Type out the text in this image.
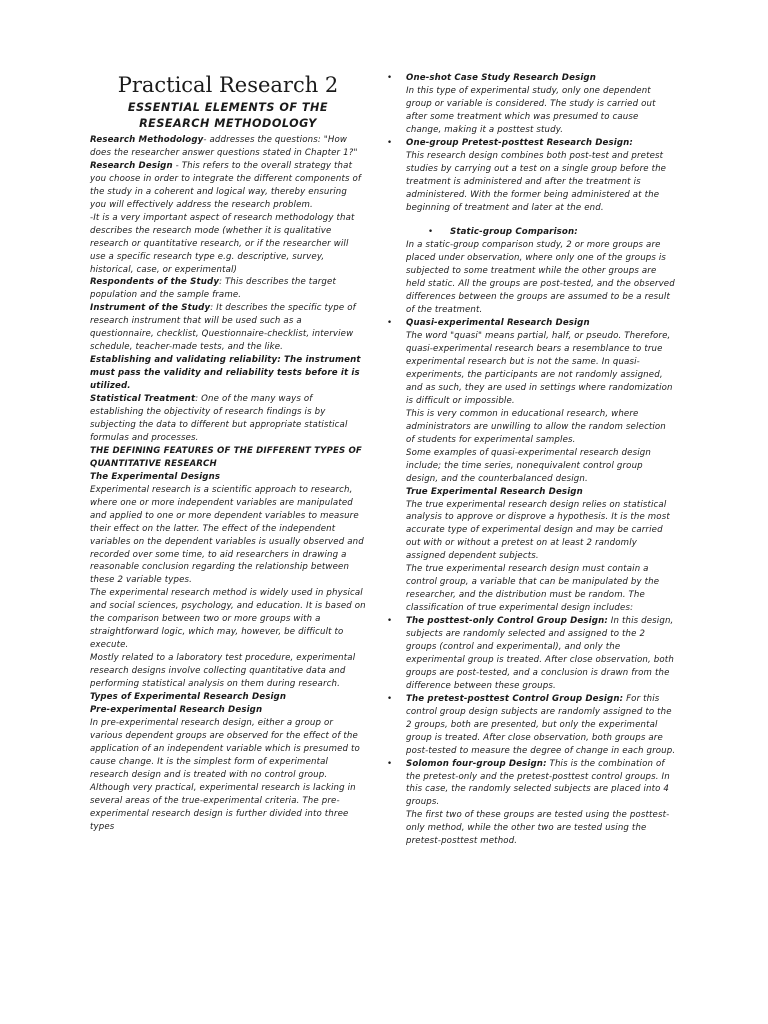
Practical Research 2
ESSENTIAL ELEMENTS OF THE
RESEARCH METHODOLOGY

Research Methodology- addresses the questions: "How does the researcher answer questions stated in Chapter 1?"

Research Design - This refers to the overall strategy that you choose in order to integrate the different components of the study in a coherent and logical way, thereby ensuring you will effectively address the research problem.

-It is a very important aspect of research methodology that describes the research mode (whether it is qualitative research or quantitative research, or if the researcher will use a specific research type e.g. descriptive, survey, historical, case, or experimental)

Respondents of the Study: This describes the target population and the sample frame.

Instrument of the Study: It describes the specific type of research instrument that will be used such as a questionnaire, checklist, Questionnaire-checklist, interview schedule, teacher-made tests, and the like.

Establishing and validating reliability: The instrument must pass the validity and reliability tests before it is utilized.

Statistical Treatment: One of the many ways of establishing the objectivity of research findings is by subjecting the data to different but appropriate statistical formulas and processes.

THE DEFINING FEATURES OF THE DIFFERENT TYPES OF QUANTITATIVE RESEARCH

The Experimental Designs

Experimental research is a scientific approach to research, where one or more independent variables are manipulated and applied to one or more dependent variables to measure their effect on the latter. The effect of the independent variables on the dependent variables is usually observed and recorded over some time, to aid researchers in drawing a reasonable conclusion regarding the relationship between these 2 variable types.

The experimental research method is widely used in physical and social sciences, psychology, and education. It is based on the comparison between two or more groups with a straightforward logic, which may, however, be difficult to execute.

Mostly related to a laboratory test procedure, experimental research designs involve collecting quantitative data and performing statistical analysis on them during research.

Types of Experimental Research Design

Pre-experimental Research Design

In pre-experimental research design, either a group or various dependent groups are observed for the effect of the application of an independent variable which is presumed to cause change. It is the simplest form of experimental research design and is treated with no control group.

Although very practical, experimental research is lacking in several areas of the true-experimental criteria. The pre-experimental research design is further divided into three types

• One-shot Case Study Research Design

In this type of experimental study, only one dependent group or variable is considered. The study is carried out after some treatment which was presumed to cause change, making it a posttest study.

• One-group Pretest-posttest Research Design:

This research design combines both post-test and pretest studies by carrying out a test on a single group before the treatment is administered and after the treatment is administered. With the former being administered at the beginning of treatment and later at the end.

• Static-group Comparison:

In a static-group comparison study, 2 or more groups are placed under observation, where only one of the groups is subjected to some treatment while the other groups are held static. All the groups are post-tested, and the observed differences between the groups are assumed to be a result of the treatment.

• Quasi-experimental Research Design

The word "quasi" means partial, half, or pseudo. Therefore, quasi-experimental research bears a resemblance to true experimental research but is not the same. In quasi-experiments, the participants are not randomly assigned, and as such, they are used in settings where randomization is difficult or impossible.

This is very common in educational research, where administrators are unwilling to allow the random selection of students for experimental samples.

Some examples of quasi-experimental research design include; the time series, nonequivalent control group design, and the counterbalanced design.

True Experimental Research Design

The true experimental research design relies on statistical analysis to approve or disprove a hypothesis. It is the most accurate type of experimental design and may be carried out with or without a pretest on at least 2 randomly assigned dependent subjects.

The true experimental research design must contain a control group, a variable that can be manipulated by the researcher, and the distribution must be random. The classification of true experimental design includes:

• The posttest-only Control Group Design: In this design, subjects are randomly selected and assigned to the 2 groups (control and experimental), and only the experimental group is treated. After close observation, both groups are post-tested, and a conclusion is drawn from the difference between these groups.

• The pretest-posttest Control Group Design: For this control group design subjects are randomly assigned to the 2 groups, both are presented, but only the experimental group is treated. After close observation, both groups are post-tested to measure the degree of change in each group.

• Solomon four-group Design: This is the combination of the pretest-only and the pretest-posttest control groups. In this case, the randomly selected subjects are placed into 4 groups.

The first two of these groups are tested using the posttest-only method, while the other two are tested using the pretest-posttest method.
